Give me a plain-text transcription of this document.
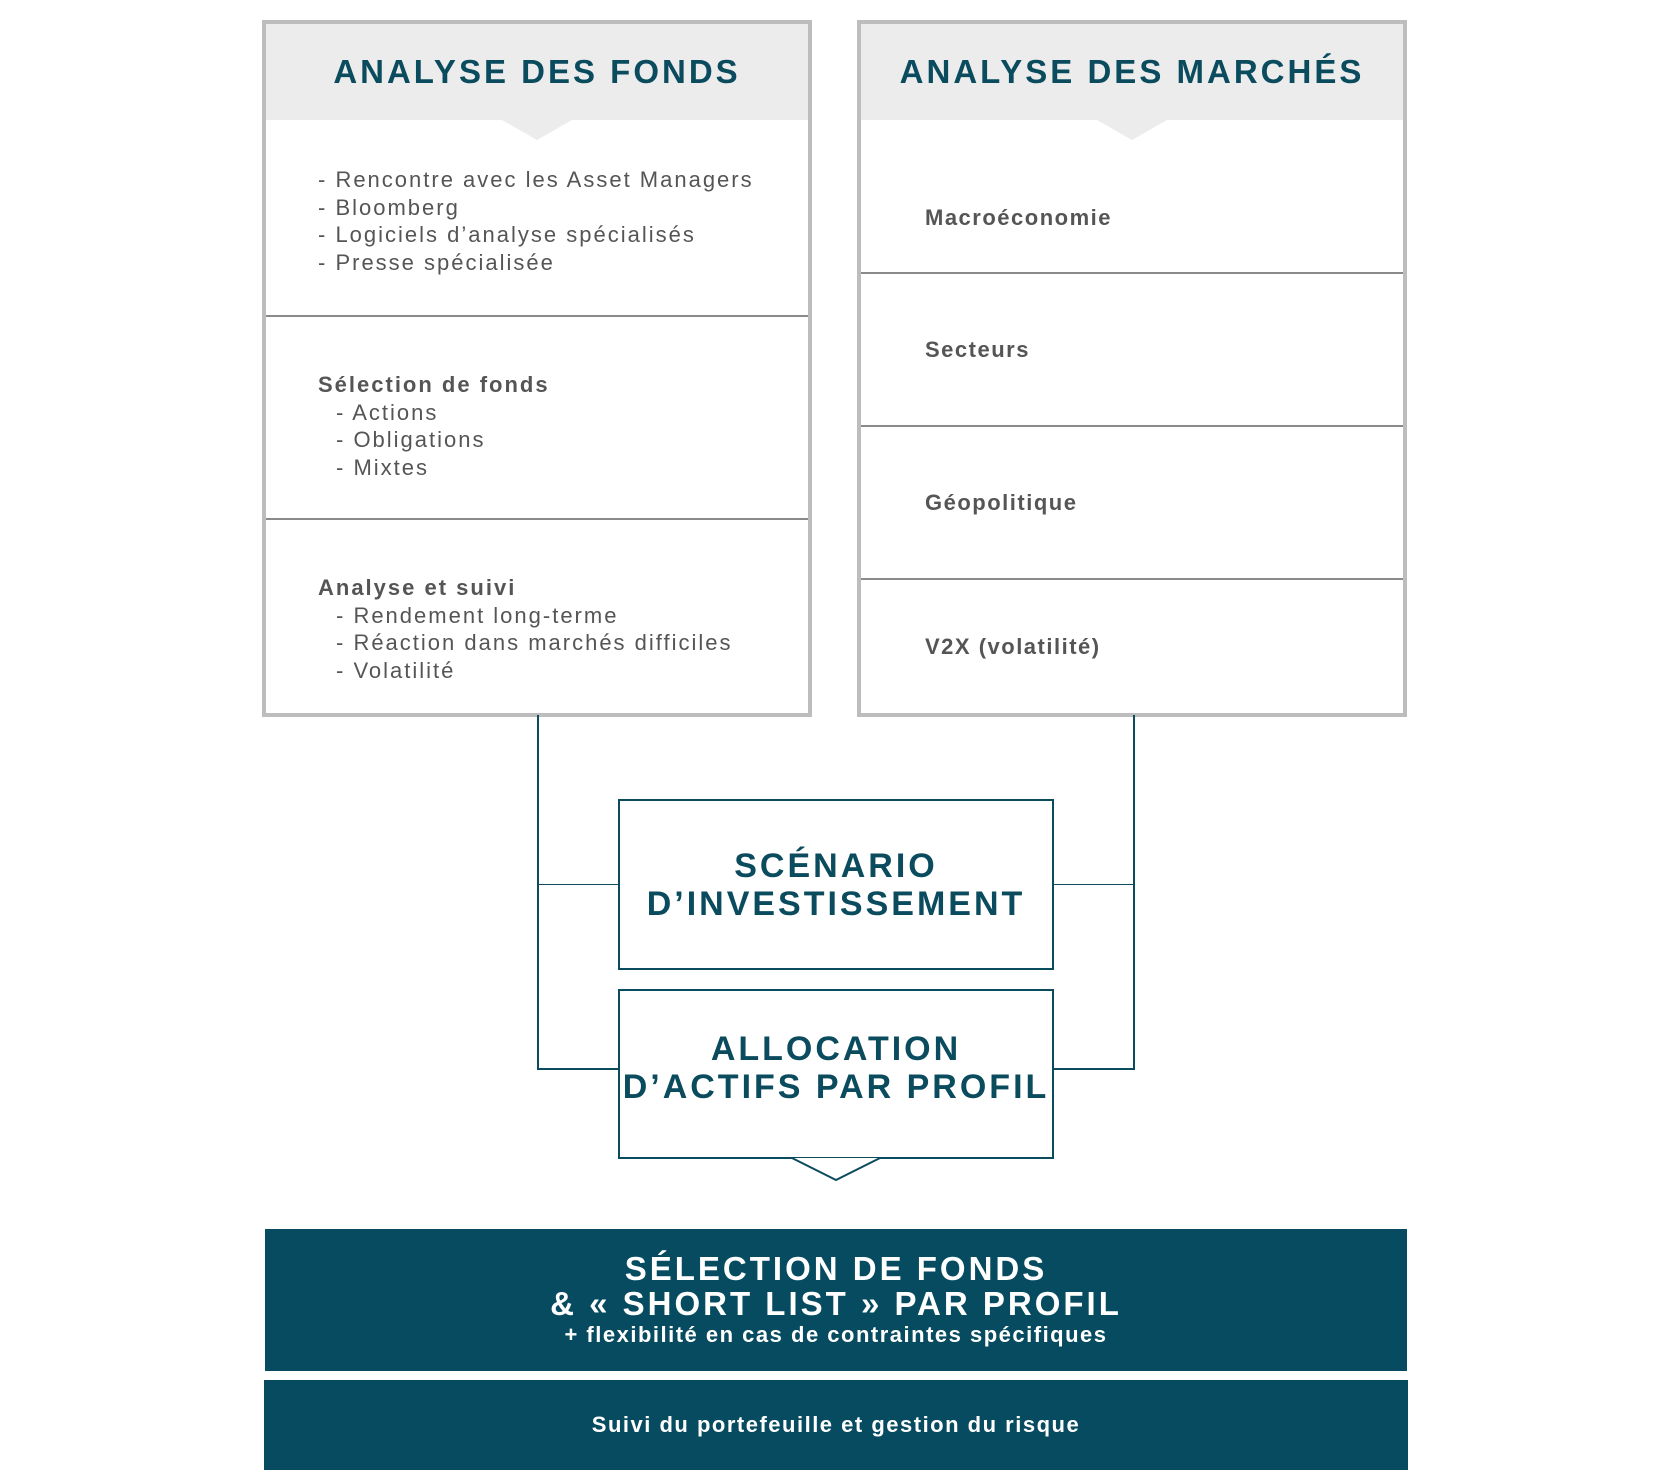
ANALYSE DES FONDS
- Rencontre avec les Asset Managers
- Bloomberg
- Logiciels d’analyse spécialisés
- Presse spécialisée
Sélection de fonds
- Actions
- Obligations
- Mixtes
Analyse et suivi
- Rendement long-terme
- Réaction dans marchés difficiles
- Volatilité
ANALYSE DES MARCHÉS
Macroéconomie
Secteurs
Géopolitique
V2X (volatilité)
SCÉNARIO
D’INVESTISSEMENT
ALLOCATION
D’ACTIFS PAR PROFIL
SÉLECTION DE FONDS
& « SHORT LIST » PAR PROFIL
+ flexibilité en cas de contraintes spécifiques
Suivi du portefeuille et gestion du risque
